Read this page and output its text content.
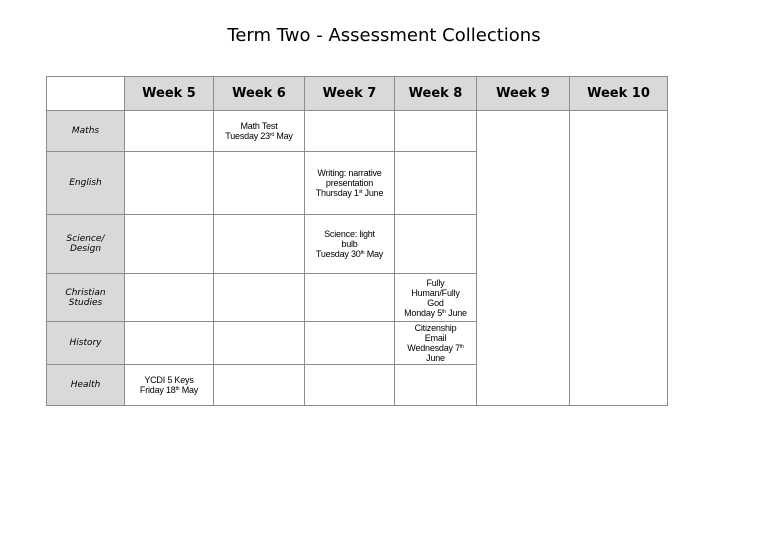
Term Two - Assessment Collections
	Week 5	Week 6	Week 7	Week 8	Week 9	Week 10
Maths		Math Test
Tuesday 23rd May				

English			Writing: narrative
presentation
Thursday 1st June			

Science/
Design			Science: light
bulb
Tuesday 30th May			

Christian
Studies				Fully
Human/Fully
God
Monday 5th June		

History				Citizenship
Email
Wednesday 7th
June		

Health	YCDI 5 Keys
Friday 18th May					
